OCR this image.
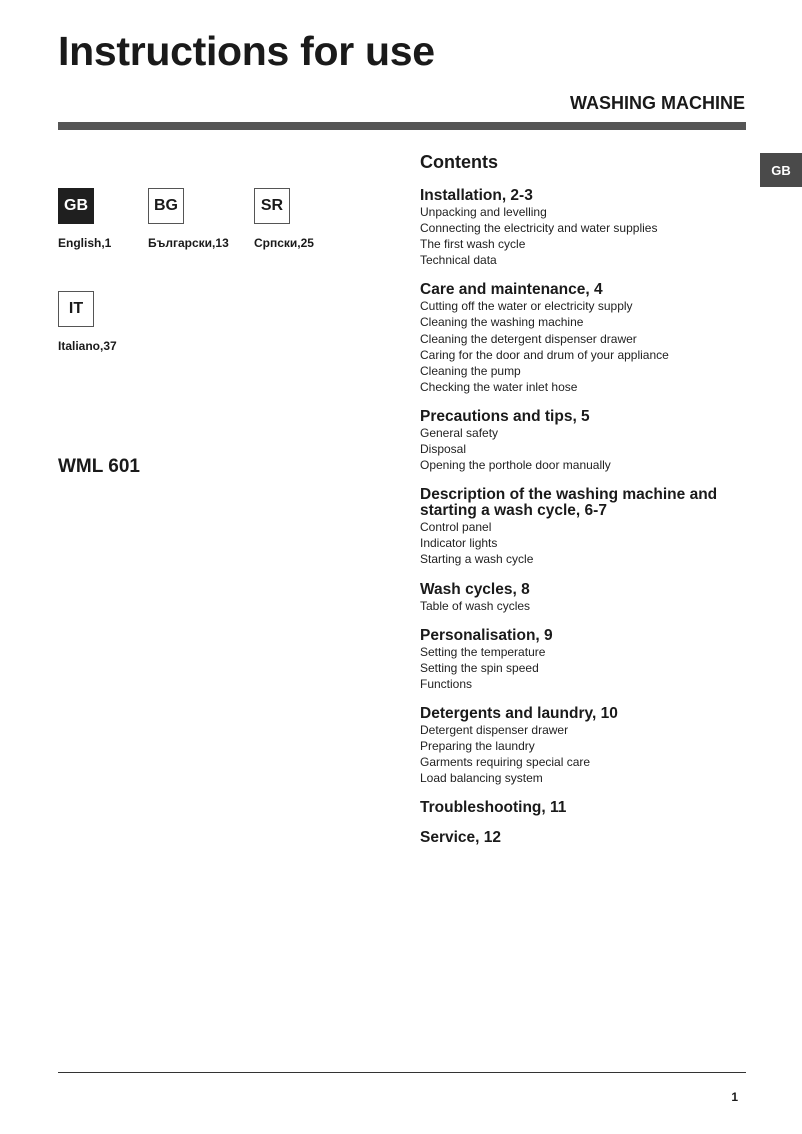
Instructions for use
WASHING MACHINE
GB
GB
English,1
BG
Български,13
SR
Српски,25
IT
Italiano,37
WML 601
Contents
Installation, 2-3
Unpacking and levelling
Connecting the electricity and water supplies
The first wash cycle
Technical data
Care and maintenance, 4
Cutting off the water or electricity supply
Cleaning the washing machine
Cleaning the detergent dispenser drawer
Caring for the door and drum of your appliance
Cleaning the pump
Checking the water inlet hose
Precautions and tips, 5
General safety
Disposal
Opening the porthole door manually
Description of the washing machine and starting a wash cycle, 6-7
Control panel
Indicator lights
Starting a wash cycle
Wash cycles, 8
Table of wash cycles
Personalisation, 9
Setting the temperature
Setting the spin speed
Functions
Detergents and laundry, 10
Detergent dispenser drawer
Preparing the laundry
Garments requiring special care
Load balancing system
Troubleshooting, 11
Service, 12
1
